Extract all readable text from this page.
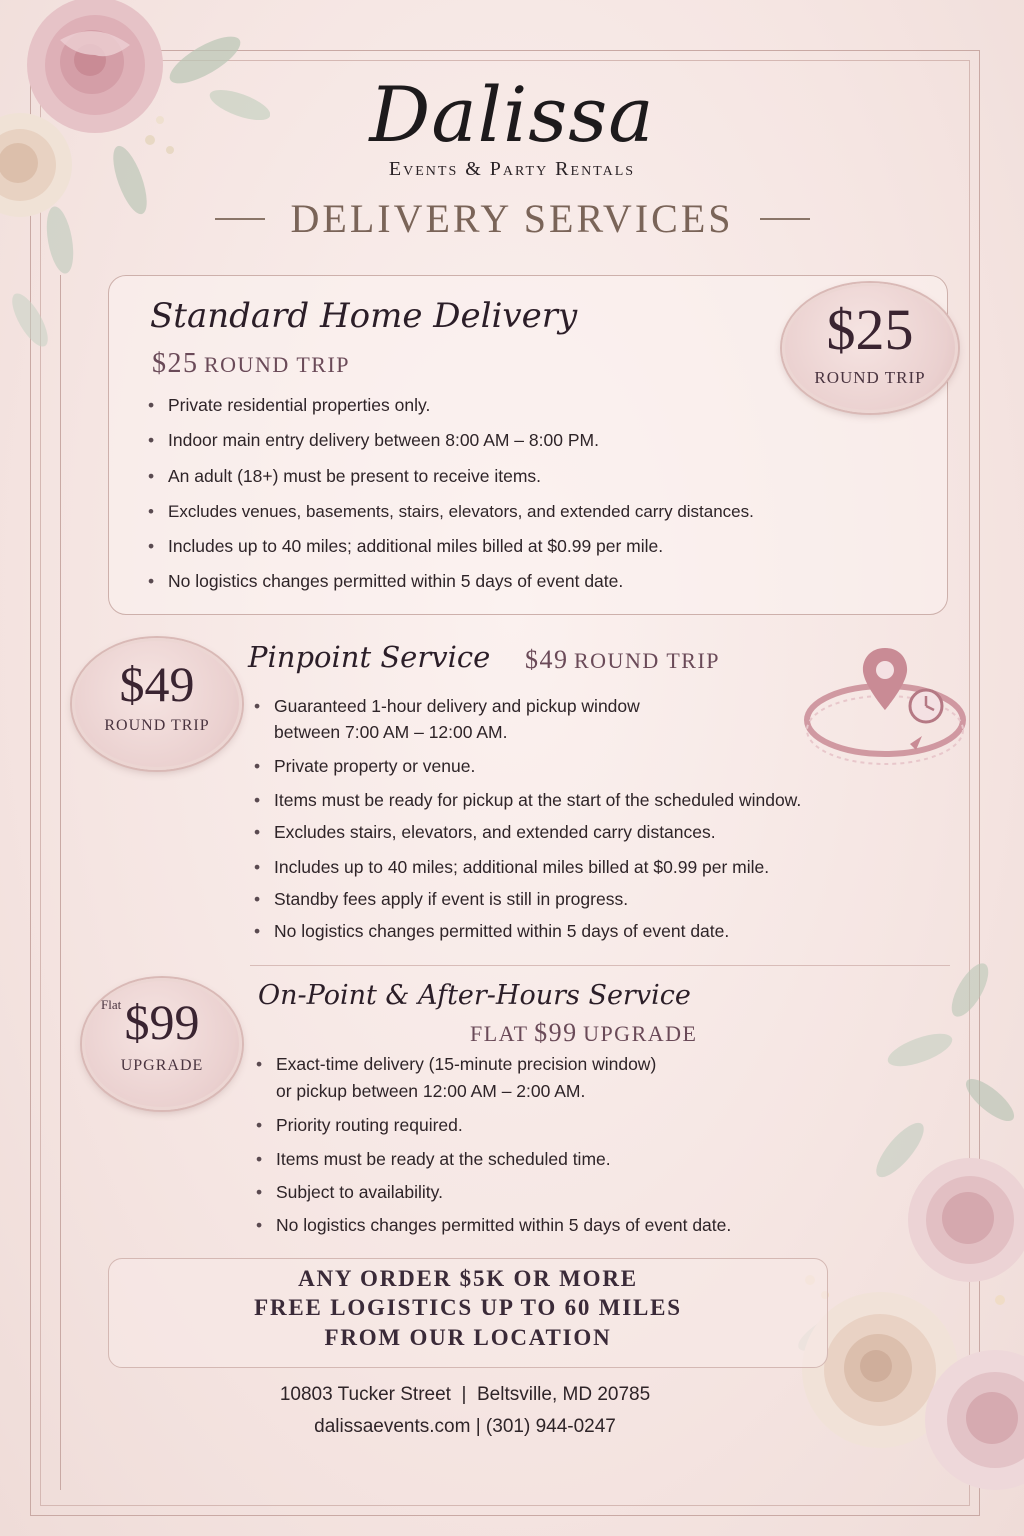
Dalissa
Events & Party Rentals
DELIVERY SERVICES
Standard Home Delivery
$25 ROUND TRIP
$25
ROUND TRIP
• Private residential properties only.
• Indoor main entry delivery between 8:00 AM – 8:00 PM.
• An adult (18+) must be present to receive items.
• Excludes venues, basements, stairs, elevators, and extended carry distances.
• Includes up to 40 miles; additional miles billed at $0.99 per mile.
• No logistics changes permitted within 5 days of event date.
$49
ROUND TRIP
Pinpoint Service $49 ROUND TRIP
• Guaranteed 1-hour delivery and pickup window
between 7:00 AM – 12:00 AM.
• Private property or venue.
• Items must be ready for pickup at the start of the scheduled window.
• Excludes stairs, elevators, and extended carry distances.
• Includes up to 40 miles; additional miles billed at $0.99 per mile.
• Standby fees apply if event is still in progress.
• No logistics changes permitted within 5 days of event date.
Flat $99
UPGRADE
On-Point & After-Hours Service
FLAT $99 UPGRADE
• Exact-time delivery (15-minute precision window)
or pickup between 12:00 AM – 2:00 AM.
• Priority routing required.
• Items must be ready at the scheduled time.
• Subject to availability.
• No logistics changes permitted within 5 days of event date.
ANY ORDER $5K OR MORE
FREE LOGISTICS UP TO 60 MILES
FROM OUR LOCATION
10803 Tucker Street  |  Beltsville, MD 20785
dalissaevents.com | (301) 944-0247
